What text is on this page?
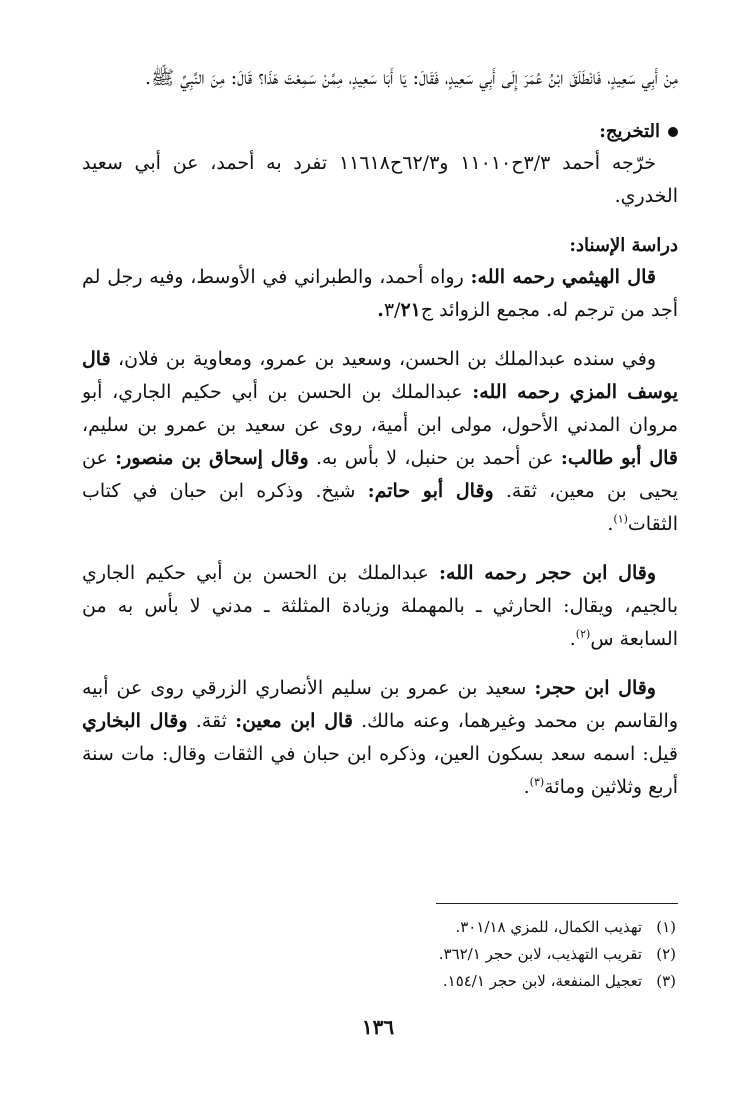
مِنْ أَبِي سَعِيدٍ، فَانْطَلَقَ ابْنُ عُمَرَ إِلَى أَبِي سَعِيدٍ، فَقَالَ: يَا أَبَا سَعِيدٍ، مِمَّنْ سَمِعْتَ هَذَا؟ قَالَ: مِنَ النَّبِيِّ ﷺ.

التخريج:

خرّجه أحمد ٣/٣ح١١٠١٠ و٦٢/٣ح١١٦١٨ تفرد به أحمد، عن أبي سعيد الخدري.

دراسة الإسناد:

قال الهيثمي رحمه الله: رواه أحمد، والطبراني في الأوسط، وفيه رجل لم أجد من ترجم له. مجمع الزوائد ج٣/٢١.

وفي سنده عبدالملك بن الحسن، وسعيد بن عمرو، ومعاوية بن فلان، قال يوسف المزي رحمه الله: عبدالملك بن الحسن بن أبي حكيم الجاري، أبو مروان المدني الأحول، مولى ابن أمية، روى عن سعيد بن عمرو بن سليم، قال أبو طالب: عن أحمد بن حنبل، لا بأس به. وقال إسحاق بن منصور: عن يحيى بن معين، ثقة. وقال أبو حاتم: شيخ. وذكره ابن حبان في كتاب الثقات$^{(١)}$.

وقال ابن حجر رحمه الله: عبدالملك بن الحسن بن أبي حكيم الجاري بالجيم، ويقال: الحارثي ـ بالمهملة وزيادة المثلثة ـ مدني لا بأس به من السابعة س$^{(٢)}$.

وقال ابن حجر: سعيد بن عمرو بن سليم الأنصاري الزرقي روى عن أبيه والقاسم بن محمد وغيرهما، وعنه مالك. قال ابن معين: ثقة. وقال البخاري قيل: اسمه سعد بسكون العين، وذكره ابن حبان في الثقات وقال: مات سنة أربع وثلاثين ومائة$^{(٣)}$.

(١)
تهذيب الكمال، للمزي ٣٠١/١٨.
(٢)
تقريب التهذيب، لابن حجر ٣٦٢/١.
(٣)
تعجيل المنفعة، لابن حجر ١٥٤/١.
١٣٦
